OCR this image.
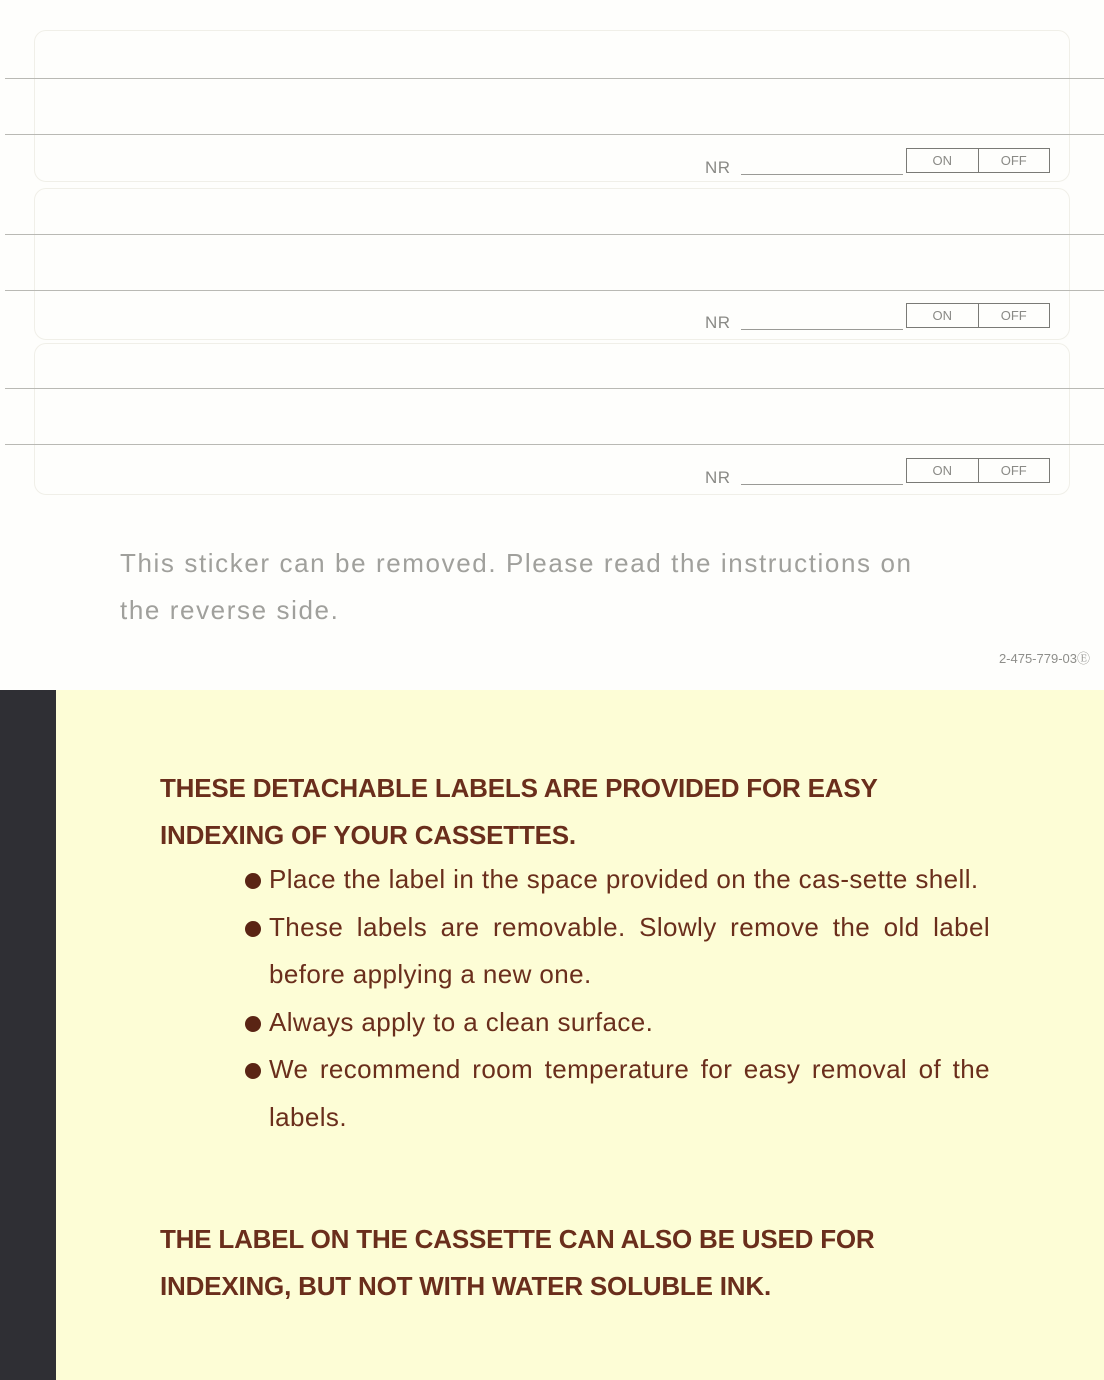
NR	ON	OFF
NR	ON	OFF
NR	ON	OFF
This sticker can be removed. Please read the instructions on
the reverse side.
2-475-779-03Ⓔ
THESE DETACHABLE LABELS ARE PROVIDED FOR EASY
INDEXING OF YOUR CASSETTES.
Place the label in the space provided on the cas-sette shell.
These labels are removable. Slowly remove the old label before applying a new one.
Always apply to a clean surface.
We recommend room temperature for easy removal of the labels.
THE LABEL ON THE CASSETTE CAN ALSO BE USED FOR
INDEXING, BUT NOT WITH WATER SOLUBLE INK.
